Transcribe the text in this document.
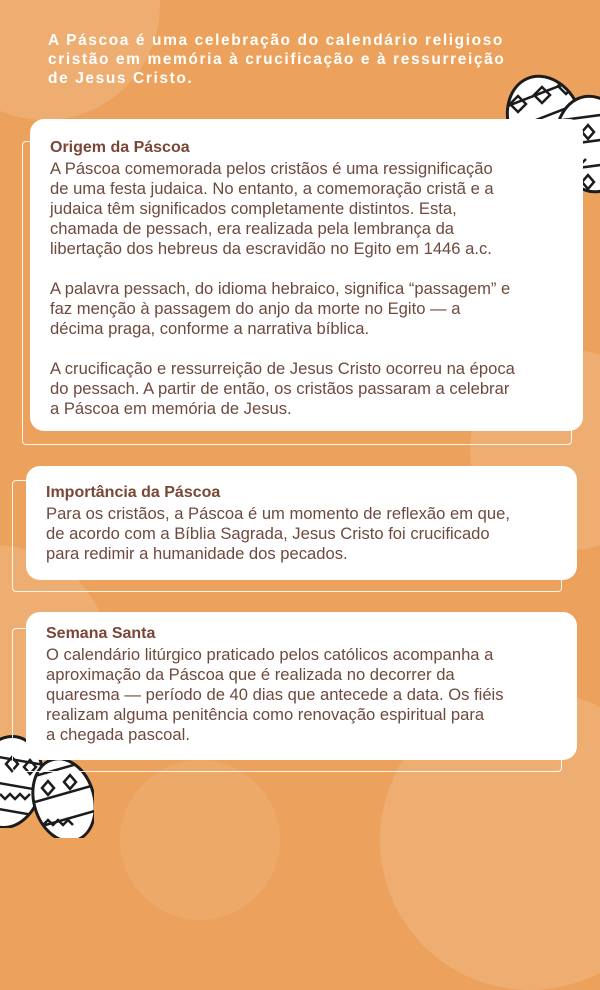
A Páscoa é uma celebração do calendário religioso
cristão em memória à crucificação e à ressurreição
de Jesus Cristo.
Origem da Páscoa

A Páscoa comemorada pelos cristãos é uma ressignificação
de uma festa judaica. No entanto, a comemoração cristã e a
judaica têm significados completamente distintos. Esta,
chamada de pessach, era realizada pela lembrança da
libertação dos hebreus da escravidão no Egito em 1446 a.c.

A palavra pessach, do idioma hebraico, significa “passagem” e
faz menção à passagem do anjo da morte no Egito — a
décima praga, conforme a narrativa bíblica.

A crucificação e ressurreição de Jesus Cristo ocorreu na época
do pessach. A partir de então, os cristãos passaram a celebrar
a Páscoa em memória de Jesus.

Importância da Páscoa

Para os cristãos, a Páscoa é um momento de reflexão em que,
de acordo com a Bíblia Sagrada, Jesus Cristo foi crucificado
para redimir a humanidade dos pecados.

Semana Santa

O calendário litúrgico praticado pelos católicos acompanha a
aproximação da Páscoa que é realizada no decorrer da
quaresma — período de 40 dias que antecede a data. Os fiéis
realizam alguma penitência como renovação espiritual para
a chegada pascoal.
